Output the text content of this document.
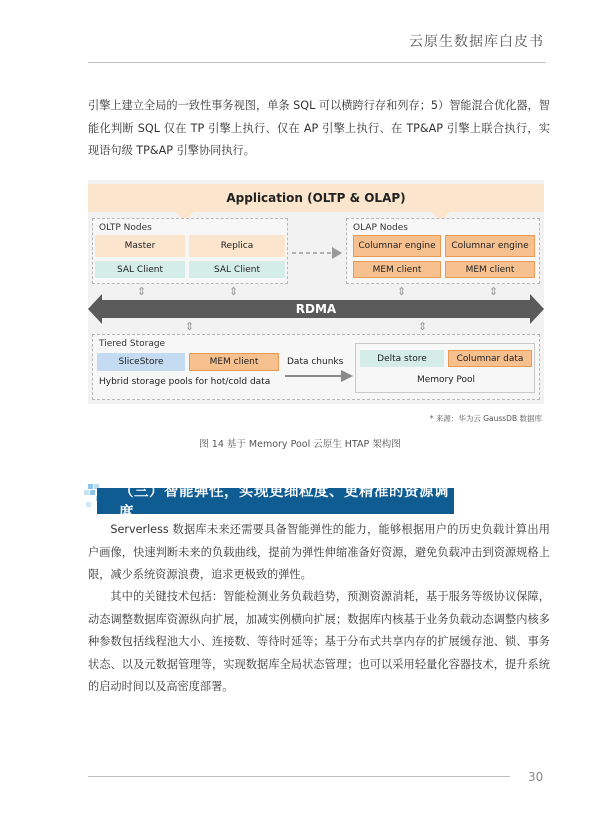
云原生数据库白皮书

引擎上建立全局的一致性事务视图，单条 SQL 可以横跨行存和列存；5）智能混合优化器，智能化判断 SQL 仅在 TP 引擎上执行、仅在 AP 引擎上执行、在 TP&AP 引擎上联合执行，实现语句级 TP&AP 引擎协同执行。

Application (OLTP & OLAP)
OLTP Nodes
Master	Replica
SAL Client	SAL Client
OLAP Nodes
Columnar engine	Columnar engine
MEM client	MEM client
⇕	⇕	⇕	⇕
RDMA
⇕	⇕
Tiered Storage
SliceStore	MEM client
Hybrid storage pools for hot/cold data
Data chunks	Delta store	Columnar data
Memory Pool
* 来源：华为云 GaussDB 数据库
图 14 基于 Memory Pool 云原生 HTAP 架构图
（三）智能弹性，实现更细粒度、更精准的资源调度

Serverless 数据库未来还需要具备智能弹性的能力，能够根据用户的历史负载计算出用户画像，快速判断未来的负载曲线，提前为弹性伸缩准备好资源，避免负载冲击到资源规格上限，减少系统资源浪费，追求更极致的弹性。

其中的关键技术包括：智能检测业务负载趋势，预测资源消耗，基于服务等级协议保障，动态调整数据库资源纵向扩展，加减实例横向扩展；数据库内核基于业务负载动态调整内核多种参数包括线程池大小、连接数、等待时延等；基于分布式共享内存的扩展缓存池、锁、事务状态、以及元数据管理等，实现数据库全局状态管理；也可以采用轻量化容器技术，提升系统的启动时间以及高密度部署。

30
